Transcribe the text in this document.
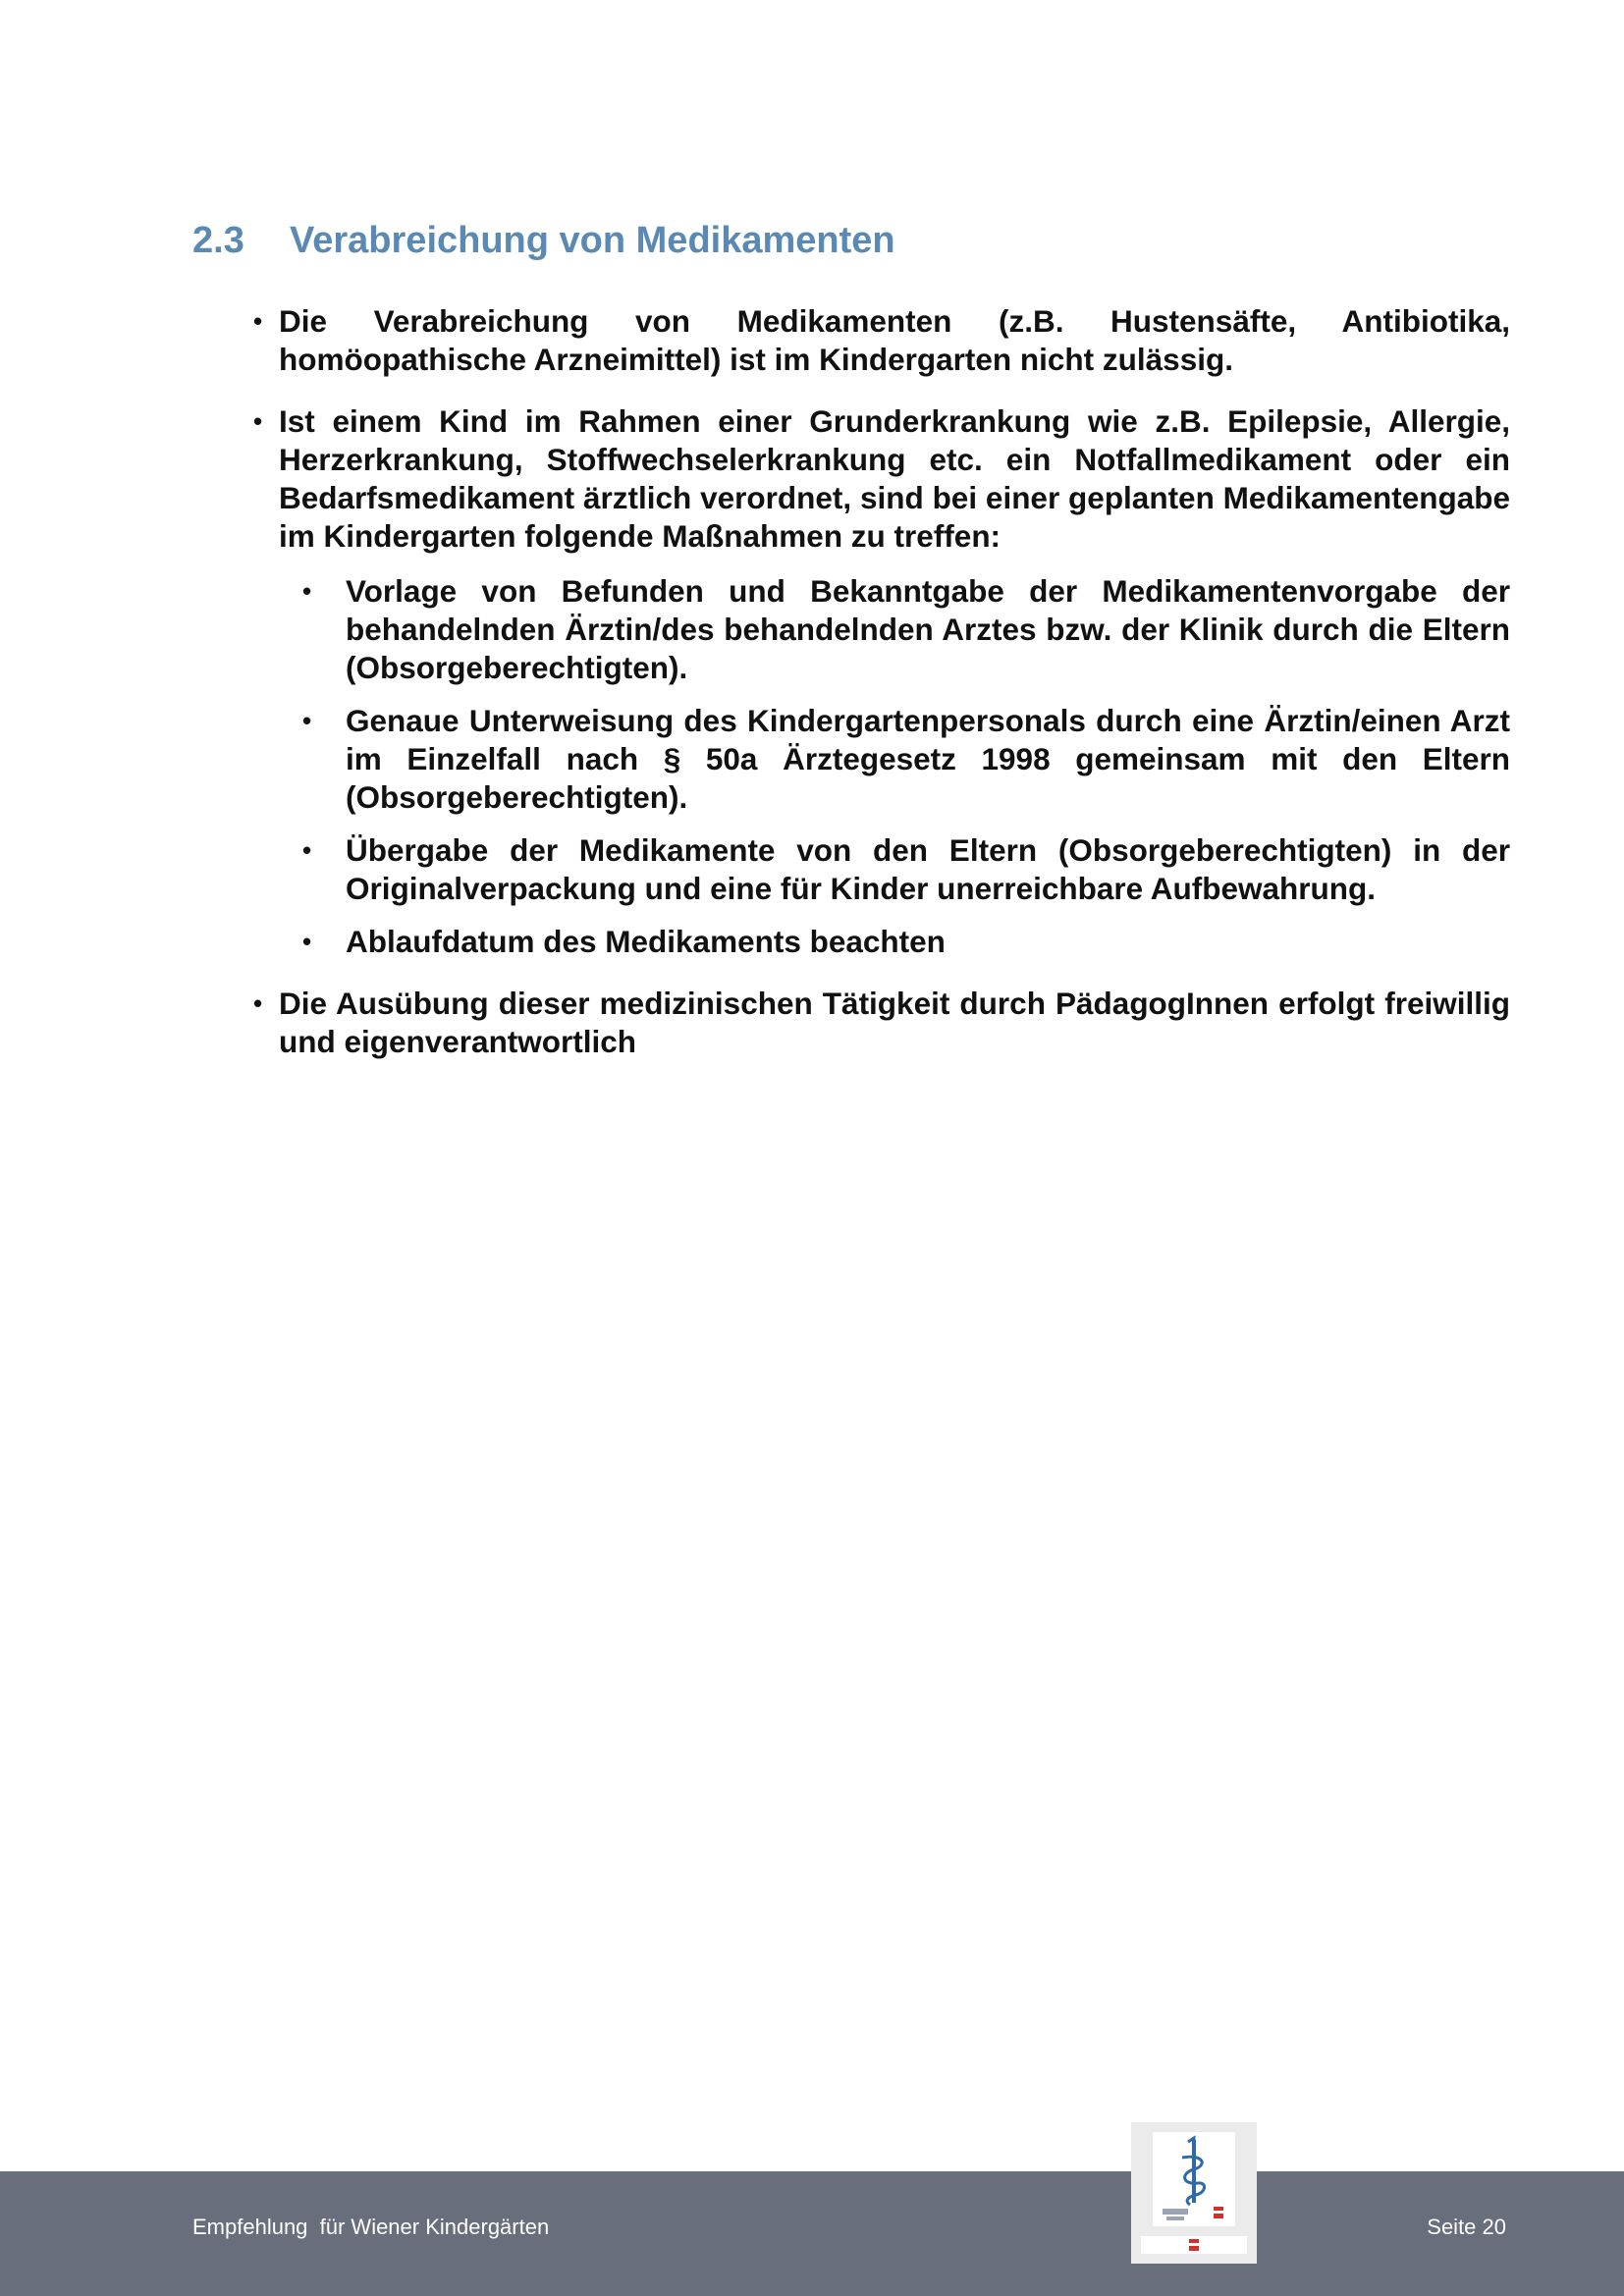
2.3 Verabreichung von Medikamenten
• Die Verabreichung von Medikamenten (z.B. Hustensäfte, Antibiotika, homöopathische Arzneimittel) ist im Kindergarten nicht zulässig.
• Ist einem Kind im Rahmen einer Grunderkrankung wie z.B. Epilepsie, Allergie, Herzerkrankung, Stoffwechselerkrankung etc. ein Notfallmedikament oder ein Bedarfsmedikament ärztlich verordnet, sind bei einer geplanten Medikamentengabe im Kindergarten folgende Maßnahmen zu treffen:
• Vorlage von Befunden und Bekanntgabe der Medikamentenvorgabe der behandelnden Ärztin/des behandelnden Arztes bzw. der Klinik durch die Eltern (Obsorgeberechtigten).
• Genaue Unterweisung des Kindergartenpersonals durch eine Ärztin/einen Arzt im Einzelfall nach § 50a Ärztegesetz 1998 gemeinsam mit den Eltern (Obsorgeberechtigten).
• Übergabe der Medikamente von den Eltern (Obsorgeberechtigten) in der Originalverpackung und eine für Kinder unerreichbare Aufbewahrung.
• Ablaufdatum des Medikaments beachten
• Die Ausübung dieser medizinischen Tätigkeit durch PädagogInnen erfolgt freiwillig und eigenverantwortlich
Empfehlung  für Wiener Kindergärten	Seite 20
